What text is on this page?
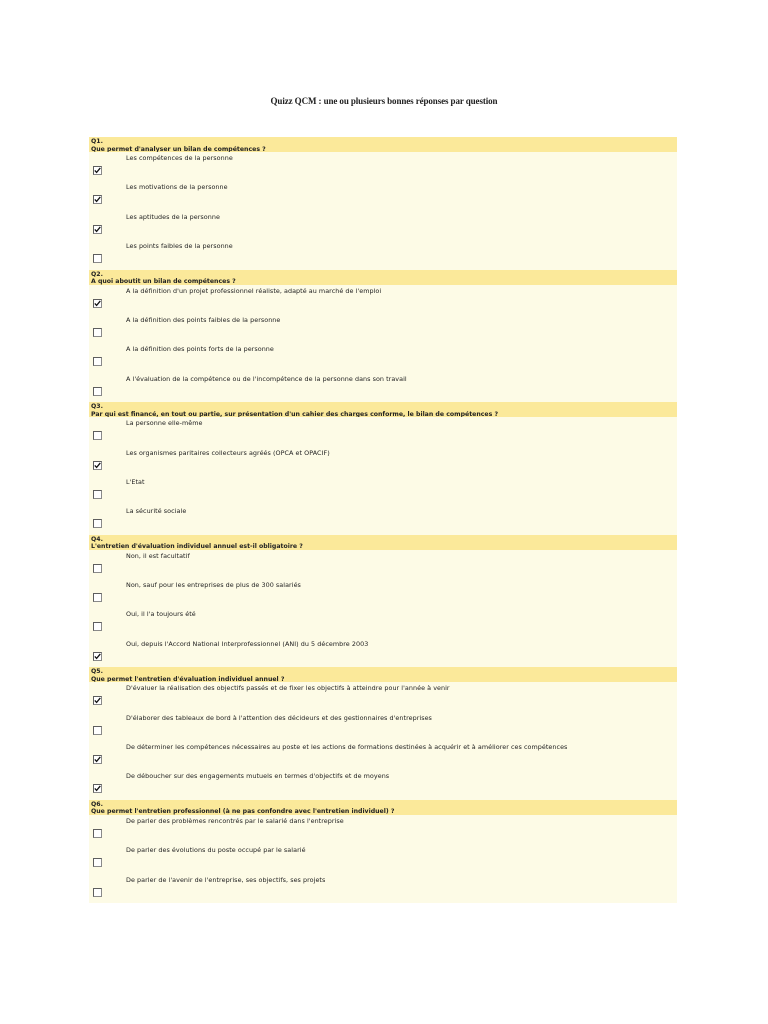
Quizz QCM : une ou plusieurs bonnes réponses par question
Q1.
Que permet d'analyser un bilan de compétences ?
Les compétences de la personne
Les motivations de la personne
Les aptitudes de la personne
Les points faibles de la personne
Q2.
A quoi aboutit un bilan de compétences ?
A la définition d'un projet professionnel réaliste, adapté au marché de l'emploi
A la définition des points faibles de la personne
A la définition des points forts de la personne
A l'évaluation de la compétence ou de l'incompétence de la personne dans son travail
Q3.
Par qui est financé, en tout ou partie, sur présentation d'un cahier des charges conforme, le bilan de compétences ?
La personne elle-même
Les organismes paritaires collecteurs agréés (OPCA et OPACIF)
L'Etat
La sécurité sociale
Q4.
L'entretien d'évaluation individuel annuel est-il obligatoire ?
Non, il est facultatif
Non, sauf pour les entreprises de plus de 300 salariés
Oui, il l'a toujours été
Oui, depuis l'Accord National Interprofessionnel (ANI) du 5 décembre 2003
Q5.
Que permet l'entretien d'évaluation individuel annuel ?
D'évaluer la réalisation des objectifs passés et de fixer les objectifs à atteindre pour l'année à venir
D'élaborer des tableaux de bord à l'attention des décideurs et des gestionnaires d'entreprises
De déterminer les compétences nécessaires au poste et les actions de formations destinées à acquérir et à améliorer ces compétences
De déboucher sur des engagements mutuels en termes d'objectifs et de moyens
Q6.
Que permet l'entretien professionnel (à ne pas confondre avec l'entretien individuel) ?
De parler des problèmes rencontrés par le salarié dans l'entreprise
De parler des évolutions du poste occupé par le salarié
De parler de l'avenir de l'entreprise, ses objectifs, ses projets
